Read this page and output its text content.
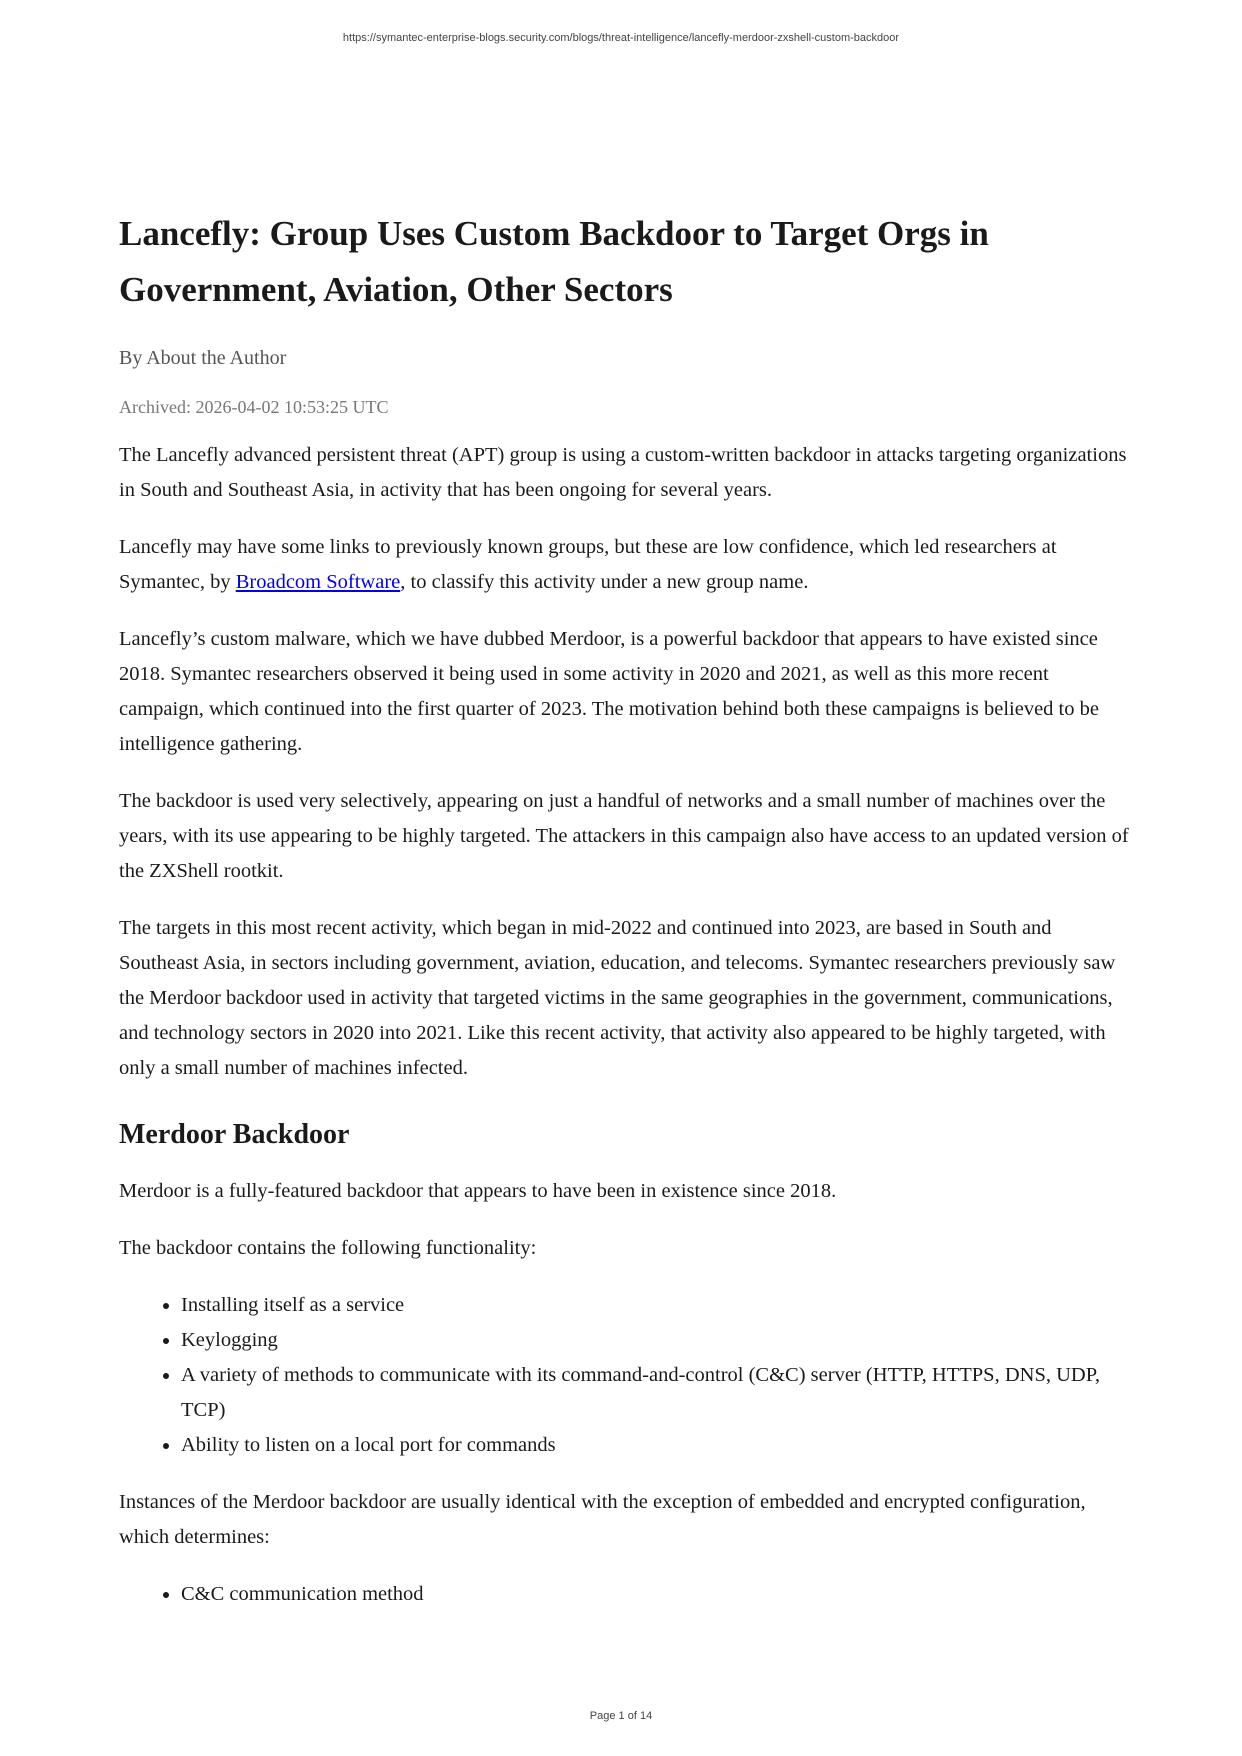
https://symantec-enterprise-blogs.security.com/blogs/threat-intelligence/lancefly-merdoor-zxshell-custom-backdoor
Lancefly: Group Uses Custom Backdoor to Target Orgs in Government, Aviation, Other Sectors
By About the Author
Archived: 2026-04-02 10:53:25 UTC

The Lancefly advanced persistent threat (APT) group is using a custom-written backdoor in attacks targeting organizations in South and Southeast Asia, in activity that has been ongoing for several years.

Lancefly may have some links to previously known groups, but these are low confidence, which led researchers at Symantec, by Broadcom Software, to classify this activity under a new group name.

Lancefly’s custom malware, which we have dubbed Merdoor, is a powerful backdoor that appears to have existed since 2018. Symantec researchers observed it being used in some activity in 2020 and 2021, as well as this more recent campaign, which continued into the first quarter of 2023. The motivation behind both these campaigns is believed to be intelligence gathering.

The backdoor is used very selectively, appearing on just a handful of networks and a small number of machines over the years, with its use appearing to be highly targeted. The attackers in this campaign also have access to an updated version of the ZXShell rootkit.

The targets in this most recent activity, which began in mid-2022 and continued into 2023, are based in South and Southeast Asia, in sectors including government, aviation, education, and telecoms. Symantec researchers previously saw the Merdoor backdoor used in activity that targeted victims in the same geographies in the government, communications, and technology sectors in 2020 into 2021. Like this recent activity, that activity also appeared to be highly targeted, with only a small number of machines infected.

Merdoor Backdoor

Merdoor is a fully-featured backdoor that appears to have been in existence since 2018.

The backdoor contains the following functionality:

• Installing itself as a service
• Keylogging
• A variety of methods to communicate with its command-and-control (C&C) server (HTTP, HTTPS, DNS, UDP, TCP)
• Ability to listen on a local port for commands

Instances of the Merdoor backdoor are usually identical with the exception of embedded and encrypted configuration, which determines:

• C&C communication method
Page 1 of 14
